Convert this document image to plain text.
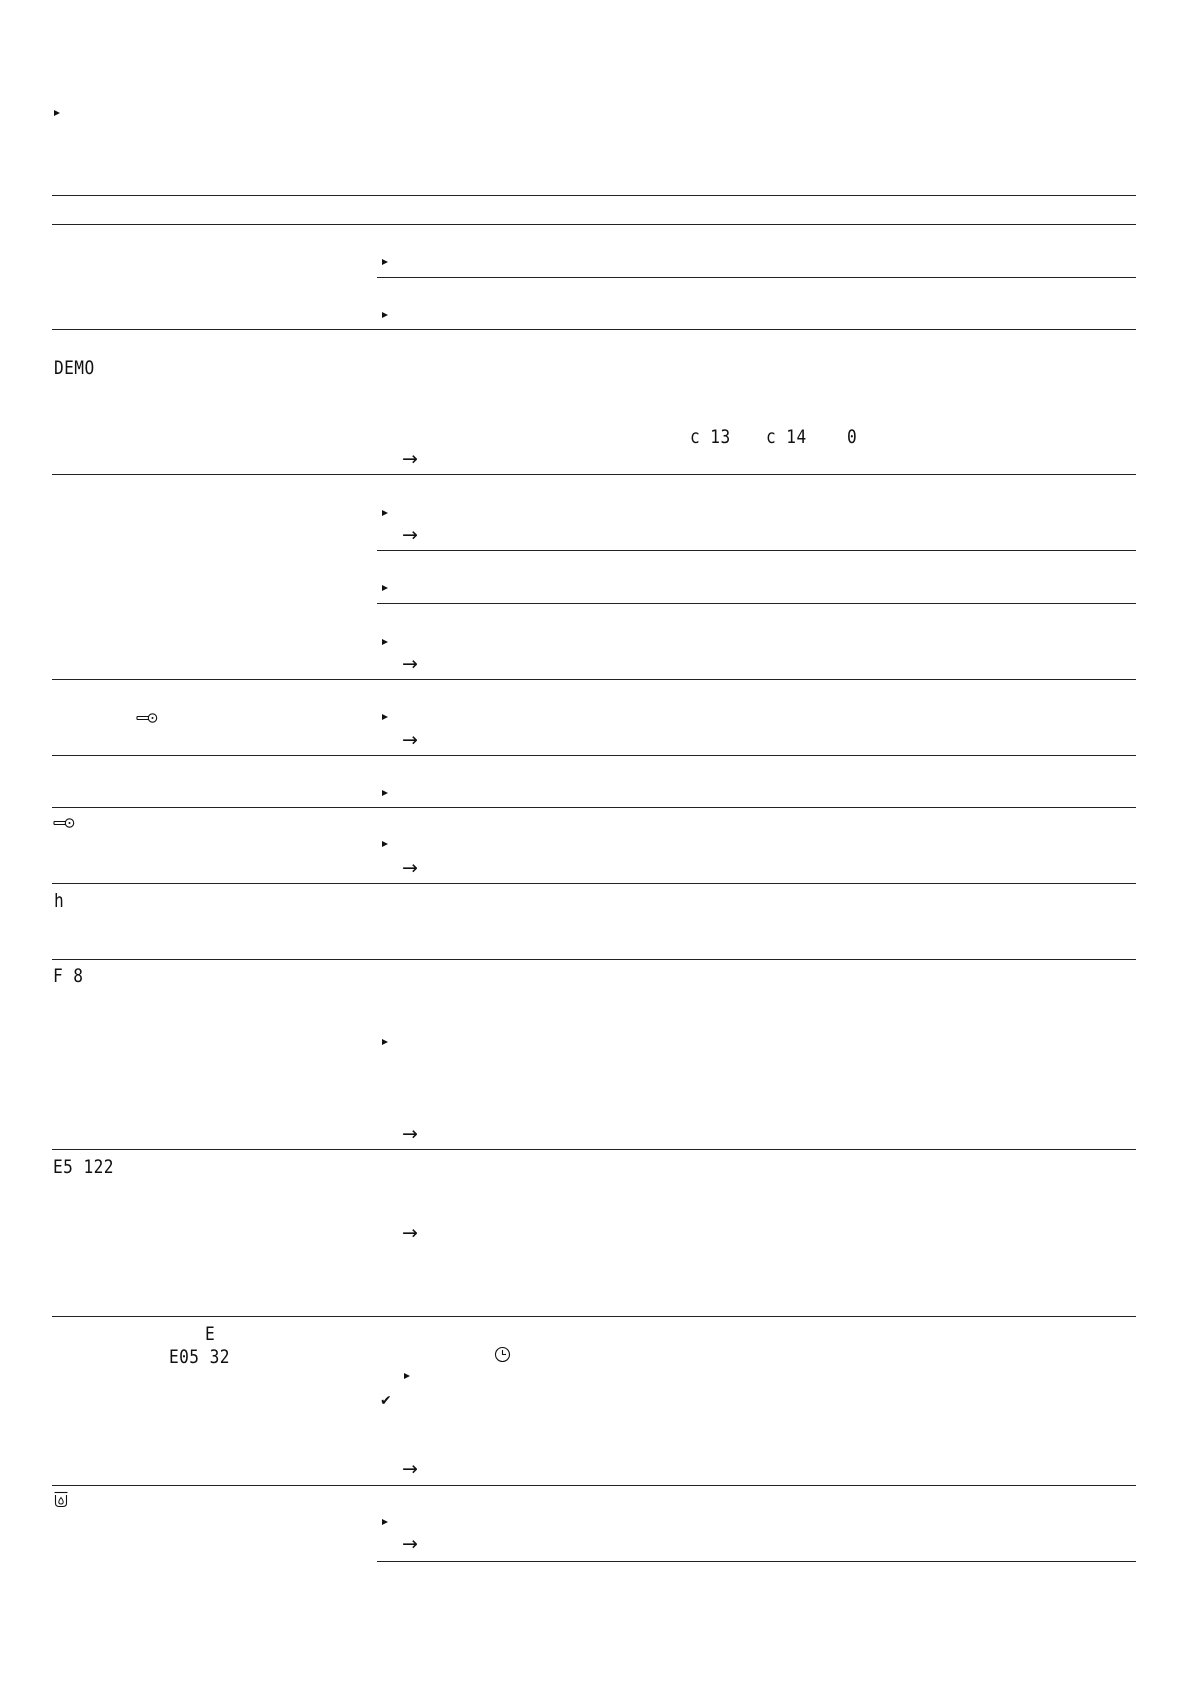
DEMO
c 13 c 14 0
→
→
→
→
→
h
F 8
→
E5 122
→
E
E05 32
✔
→
→
